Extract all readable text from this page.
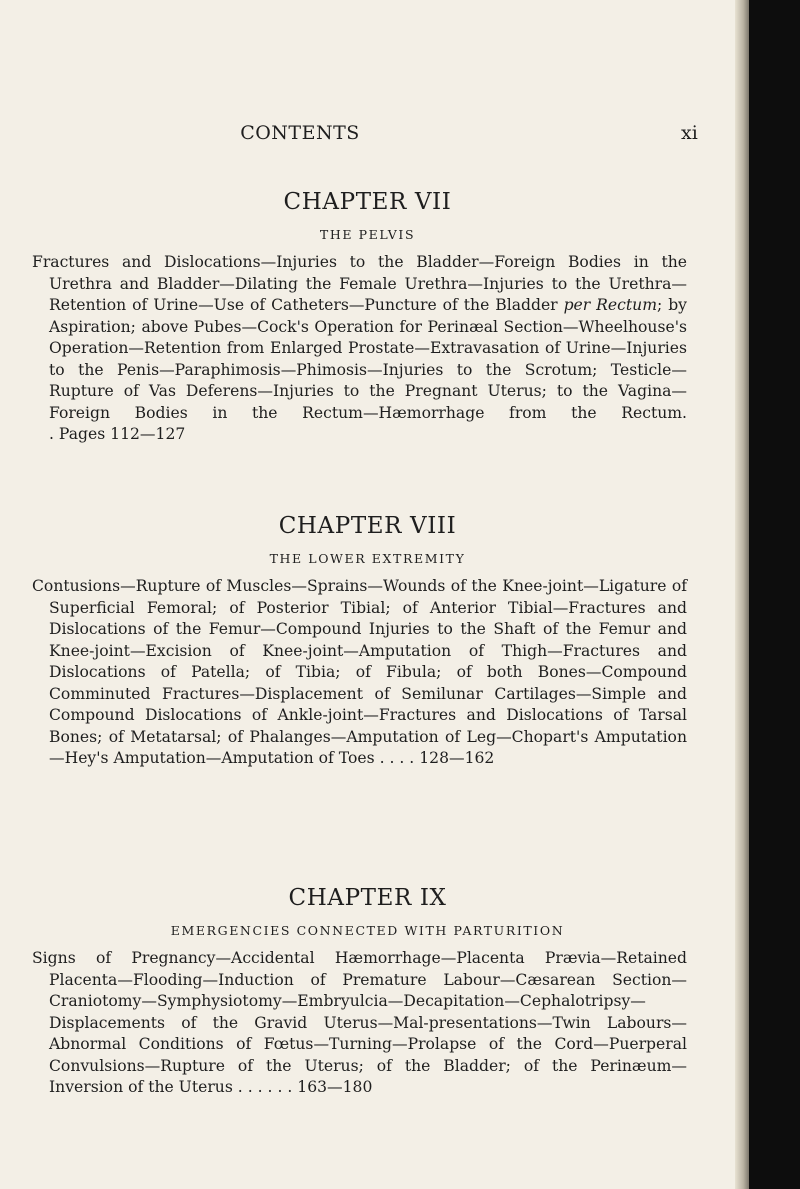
CONTENTS	xi
CHAPTER VII
THE PELVIS

Fractures and Dislocations—Injuries to the Bladder—Foreign Bodies in the Urethra and Bladder—Dilating the Female Urethra—Injuries to the Urethra—Retention of Urine—Use of Catheters—Puncture of the Bladder per Rectum; by Aspiration; above Pubes—Cock's Operation for Perinæal Section—Wheelhouse's Operation—Retention from Enlarged Prostate—Extravasation of Urine—Injuries to the Penis—Paraphimosis—Phimosis—Injuries to the Scrotum; Testicle—Rupture of Vas Deferens—Injuries to the Pregnant Uterus; to the Vagina—Foreign Bodies in the Rectum—Hæmorrhage from the Rectum. . Pages 112—127

CHAPTER VIII
THE LOWER EXTREMITY

Contusions—Rupture of Muscles—Sprains—Wounds of the Knee-joint—Ligature of Superficial Femoral; of Posterior Tibial; of Anterior Tibial—Fractures and Dislocations of the Femur—Compound Injuries to the Shaft of the Femur and Knee-joint—Excision of Knee-joint—Amputation of Thigh—Fractures and Dislocations of Patella; of Tibia; of Fibula; of both Bones—Compound Comminuted Fractures—Displacement of Semilunar Cartilages—Simple and Compound Dislocations of Ankle-joint—Fractures and Dislocations of Tarsal Bones; of Metatarsal; of Phalanges—Amputation of Leg—Chopart's Amputation—Hey's Amputation—Amputation of Toes . . . . 128—162

CHAPTER IX
EMERGENCIES CONNECTED WITH PARTURITION

Signs of Pregnancy—Accidental Hæmorrhage—Placenta Prævia—Retained Placenta—Flooding—Induction of Premature Labour—Cæsarean Section—Craniotomy—Symphysiotomy—Embryulcia—Decapitation—Cephalotripsy—Displacements of the Gravid Uterus—Mal-presentations—Twin Labours—Abnormal Conditions of Fœtus—Turning—Prolapse of the Cord—Puerperal Convulsions—Rupture of the Uterus; of the Bladder; of the Perinæum—Inversion of the Uterus . . . . . . 163—180
